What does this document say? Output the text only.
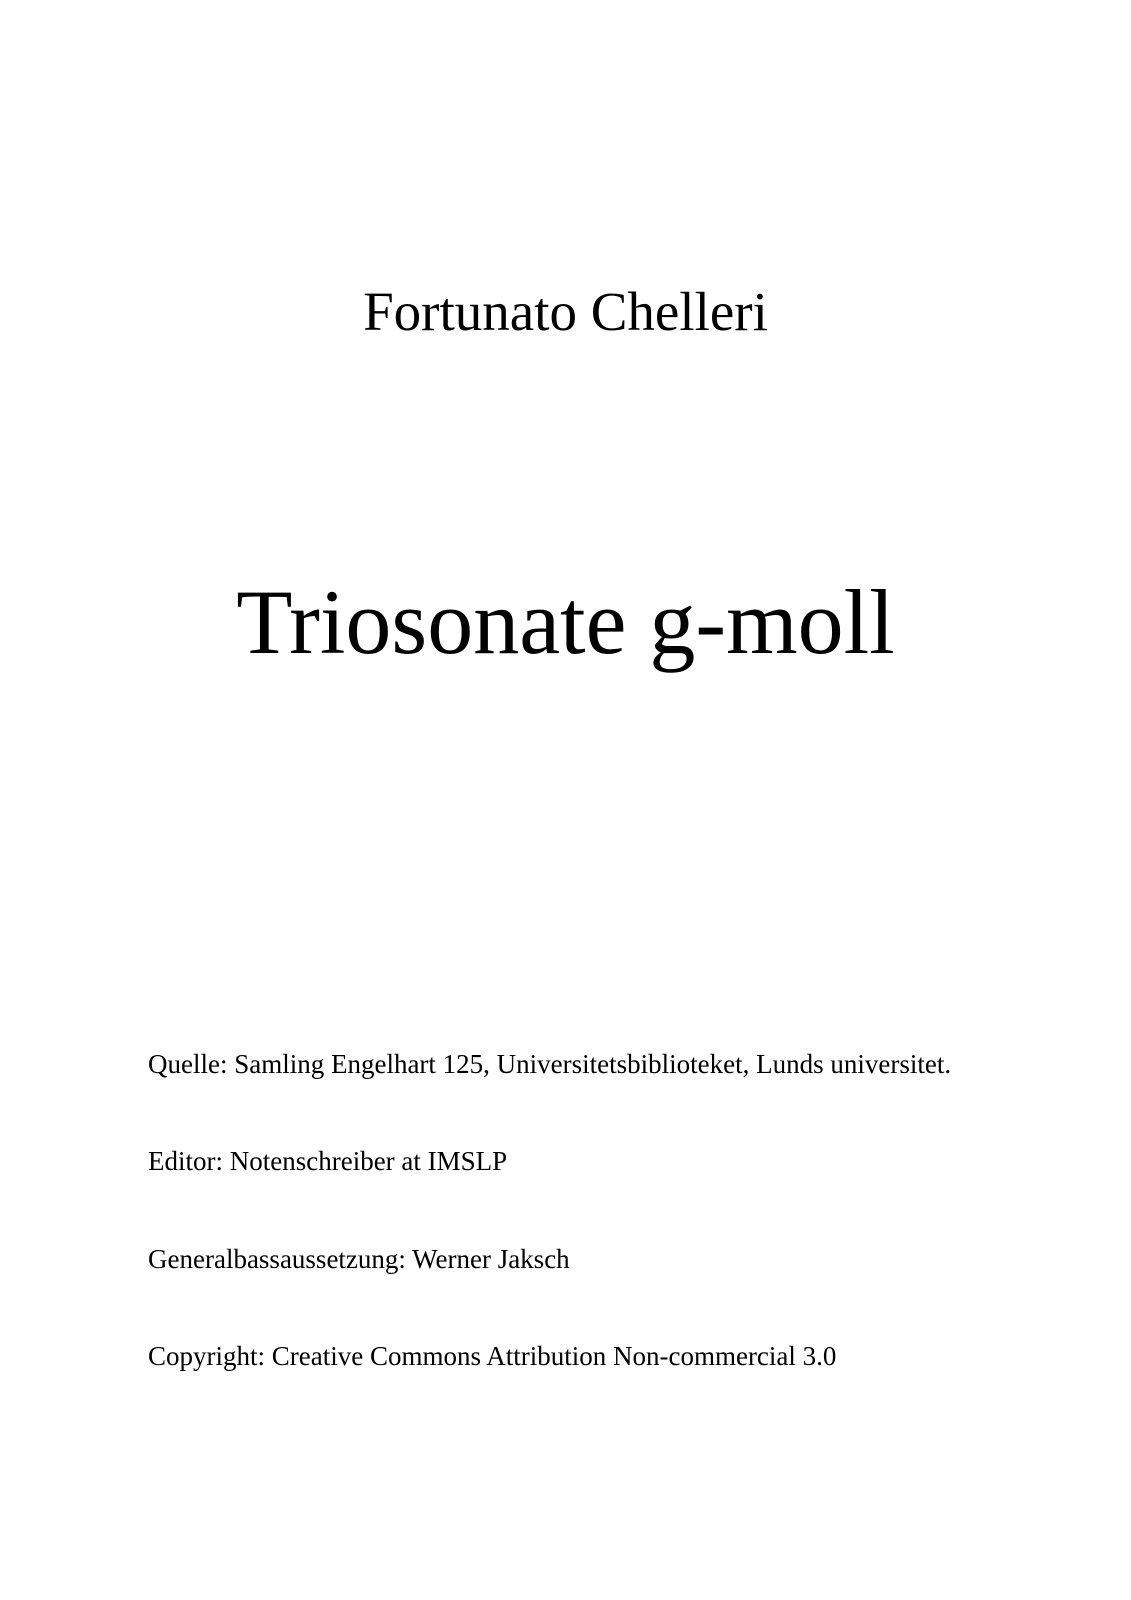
Fortunato Chelleri
Triosonate g-moll
Quelle: Samling Engelhart 125, Universitetsbiblioteket, Lunds universitet.
Editor: Notenschreiber at IMSLP
Generalbassaussetzung: Werner Jaksch
Copyright: Creative Commons Attribution Non-commercial 3.0
